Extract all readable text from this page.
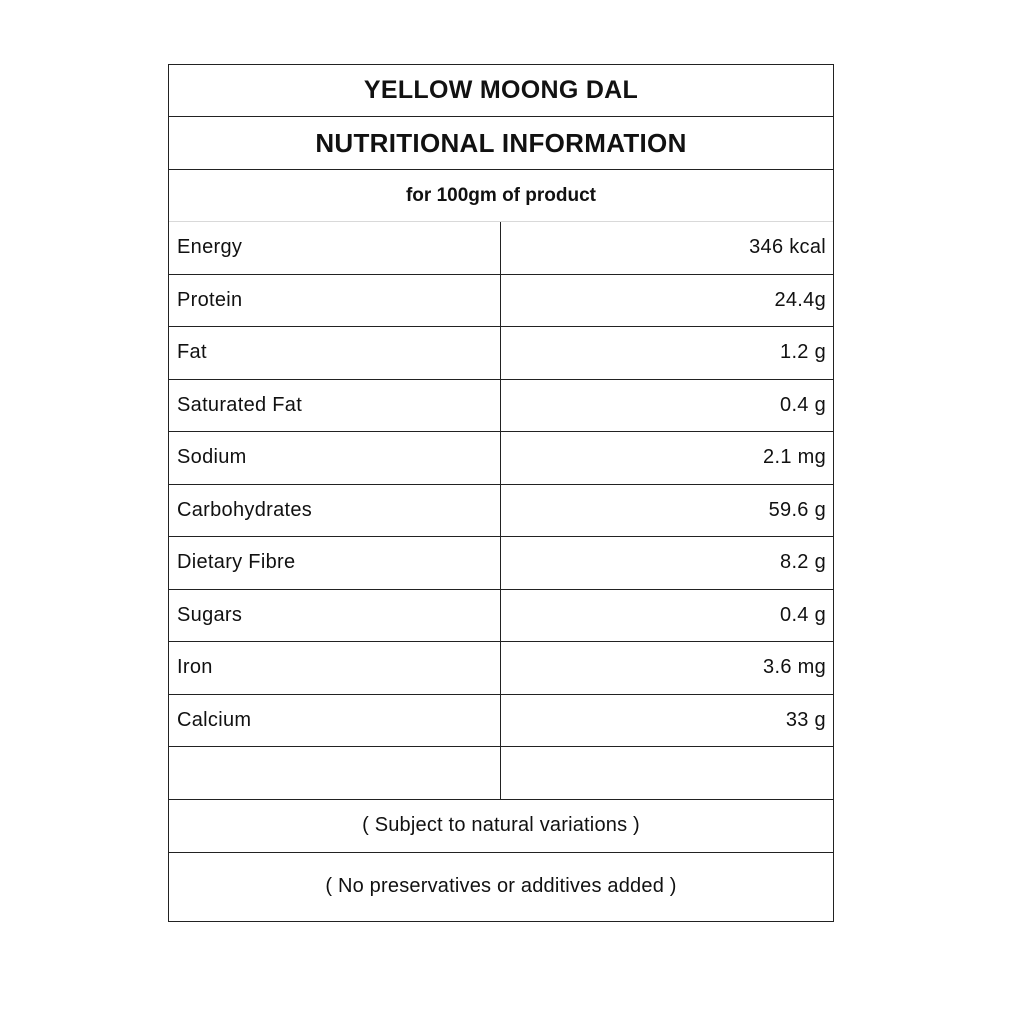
YELLOW MOONG DAL
NUTRITIONAL INFORMATION
for 100gm of product
Energy	346 kcal
Protein	24.4g
Fat	1.2 g
Saturated Fat	0.4 g
Sodium	2.1 mg
Carbohydrates	59.6 g
Dietary Fibre	8.2 g
Sugars	0.4 g
Iron	3.6 mg
Calcium	33 g
( Subject to natural variations )
( No preservatives or additives added )
